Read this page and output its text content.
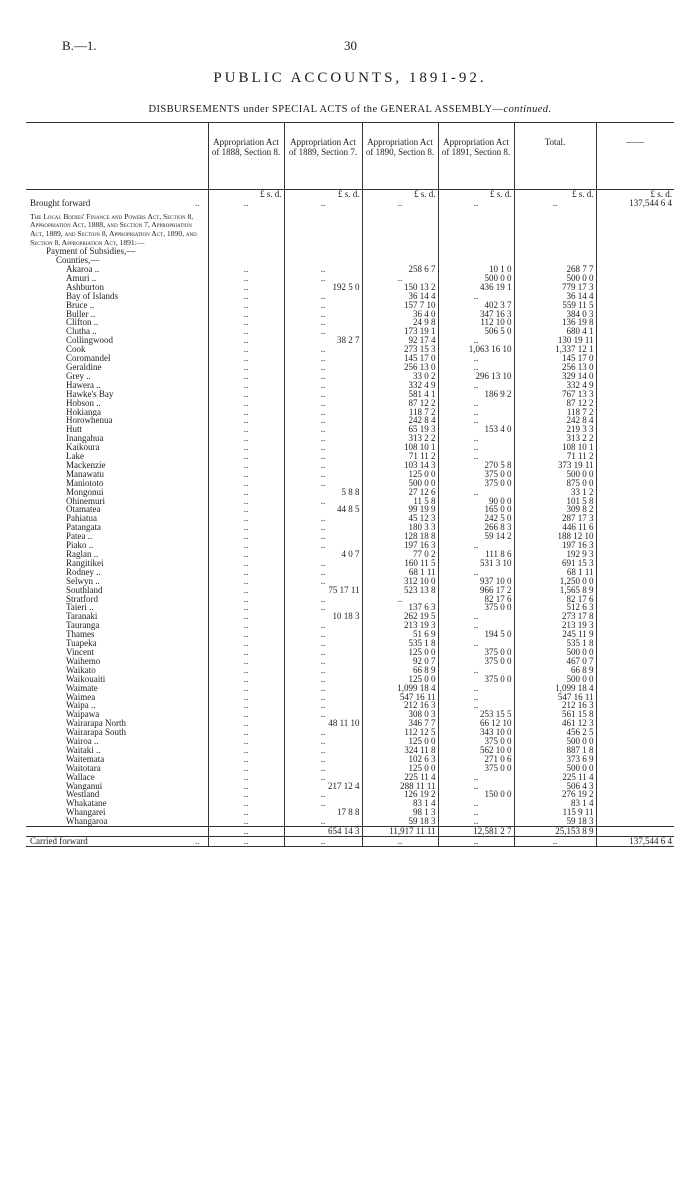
B.—1.	30
PUBLIC ACCOUNTS, 1891-92.
DISBURSEMENTS under SPECIAL ACTS of the GENERAL ASSEMBLY—continued.
	Appropriation Act of 1888, Section 8.	Appropriation Act of 1889, Section 7.	Appropriation Act of 1890, Section 8.	Appropriation Act of 1891, Section 8.	Total.	——
	£ s. d.	£ s. d.	£ s. d.	£ s. d.	£ s. d.	£ s. d.
Brought forward ..	..	..	..	..	..	137,544 6 4
The Local Bodies' Finance and Powers Act, Section 8, Appropriation Act, 1888, and Section 7, Appropriation Act, 1889, and Section 8, Appropriation Act, 1890, and Section 8, Appropriation Act, 1891:—						
Payment of Subsidies,—						
Counties,—						
Akaroa ..	..	..	258 6 7	10 1 0	268 7 7	
Amuri ..	..	..	..	500 0 0	500 0 0	
Ashburton	..	192 5 0	150 13 2	436 19 1	779 17 3	
Bay of Islands	..	..	36 14 4	..	36 14 4	
Bruce ..	..	..	157 7 10	402 3 7	559 11 5	
Buller ..	..	..	36 4 0	347 16 3	384 0 3	
Clifton ..	..	..	24 9 8	112 10 0	136 19 8	
Clutha ..	..	..	173 19 1	506 5 0	680 4 1	
Collingwood	..	38 2 7	92 17 4	..	130 19 11	
Cook	..	..	273 15 3	1,063 16 10	1,337 12 1	
Coromandel	..	..	145 17 0	..	145 17 0	
Geraldine	..	..	256 13 0	..	256 13 0	
Grey ..	..	..	33 0 2	296 13 10	329 14 0	
Hawera ..	..	..	332 4 9	..	332 4 9	
Hawke's Bay	..	..	581 4 1	186 9 2	767 13 3	
Hobson ..	..	..	87 12 2	..	87 12 2	
Hokianga	..	..	118 7 2	..	118 7 2	
Horowhenua	..	..	242 8 4	..	242 8 4	
Hutt	..	..	65 19 3	153 4 0	219 3 3	
Inangahua	..	..	313 2 2	..	313 2 2	
Kaikoura	..	..	108 10 1	..	108 10 1	
Lake	..	..	71 11 2	..	71 11 2	
Mackenzie	..	..	103 14 3	270 5 8	373 19 11	
Manawatu	..	..	125 0 0	375 0 0	500 0 0	
Maniototo	..	..	500 0 0	375 0 0	875 0 0	
Mongonui	..	5 8 8	27 12 6	..	33 1 2	
Ohinemuri	..	..	11 5 8	90 0 0	101 5 8	
Otamatea	..	44 8 5	99 19 9	165 0 0	309 8 2	
Pahiatua	..	..	45 12 3	242 5 0	287 17 3	
Patangata	..	..	180 3 3	266 8 3	446 11 6	
Patea ..	..	..	128 18 8	59 14 2	188 12 10	
Piako ..	..	..	197 16 3	..	197 16 3	
Raglan ..	..	4 0 7	77 0 2	111 8 6	192 9 3	
Rangitikei	..	..	160 11 5	531 3 10	691 15 3	
Rodney ..	..	..	68 1 11	..	68 1 11	
Selwyn ..	..	..	312 10 0	937 10 0	1,250 0 0	
Southland	..	75 17 11	523 13 8	966 17 2	1,565 8 9	
Stratford	..	..	..	82 17 6	82 17 6	
Taieri ..	..	..	137 6 3	375 0 0	512 6 3	
Taranaki	..	10 18 3	262 19 5	..	273 17 8	
Tauranga	..	..	213 19 3	..	213 19 3	
Thames	..	..	51 6 9	194 5 0	245 11 9	
Tuapeka	..	..	535 1 8	..	535 1 8	
Vincent	..	..	125 0 0	375 0 0	500 0 0	
Waihemo	..	..	92 0 7	375 0 0	467 0 7	
Waikato	..	..	66 8 9	..	66 8 9	
Waikouaiti	..	..	125 0 0	375 0 0	500 0 0	
Waimate	..	..	1,099 18 4	..	1,099 18 4	
Waimea	..	..	547 16 11	..	547 16 11	
Waipa ..	..	..	212 16 3	..	212 16 3	
Waipawa	..	..	308 0 3	253 15 5	561 15 8	
Wairarapa North	..	48 11 10	346 7 7	66 12 10	461 12 3	
Wairarapa South	..	..	112 12 5	343 10 0	456 2 5	
Wairoa ..	..	..	125 0 0	375 0 0	500 0 0	
Waitaki ..	..	..	324 11 8	562 10 0	887 1 8	
Waitemata	..	..	102 6 3	271 0 6	373 6 9	
Waitotara	..	..	125 0 0	375 0 0	500 0 0	
Wallace	..	..	225 11 4	..	225 11 4	
Wanganui	..	217 12 4	288 11 11	..	506 4 3	
Westland	..	..	126 19 2	150 0 0	276 19 2	
Whakatane	..	..	83 1 4	..	83 1 4	
Whangarei	..	17 8 8	98 1 3	..	115 9 11	
Whangaroa	..	..	59 18 3	..	59 18 3	
	..	654 14 3	11,917 11 11	12,581 2 7	25,153 8 9	
Carried forward ..	..	..	..	..	..	137,544 6 4
